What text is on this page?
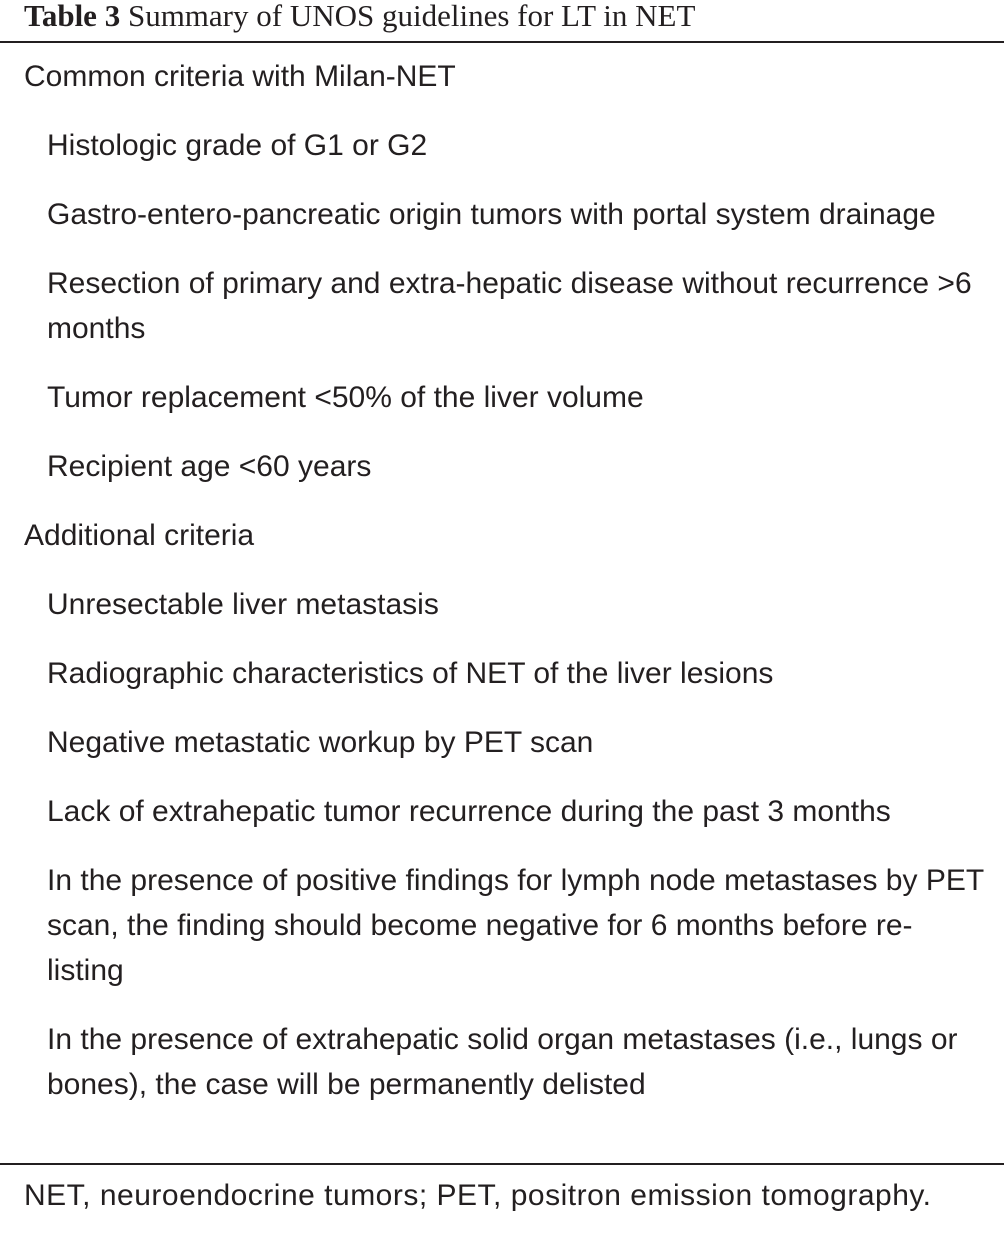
Table 3 Summary of UNOS guidelines for LT in NET
Common criteria with Milan-NET
Histologic grade of G1 or G2
Gastro-entero-pancreatic origin tumors with portal system drainage
Resection of primary and extra-hepatic disease without recurrence >6 months
Tumor replacement <50% of the liver volume
Recipient age <60 years
Additional criteria
Unresectable liver metastasis
Radiographic characteristics of NET of the liver lesions
Negative metastatic workup by PET scan
Lack of extrahepatic tumor recurrence during the past 3 months
In the presence of positive findings for lymph node metastases by PET scan, the finding should become negative for 6 months before re-listing
In the presence of extrahepatic solid organ metastases (i.e., lungs or bones), the case will be permanently delisted
NET, neuroendocrine tumors; PET, positron emission tomography.
